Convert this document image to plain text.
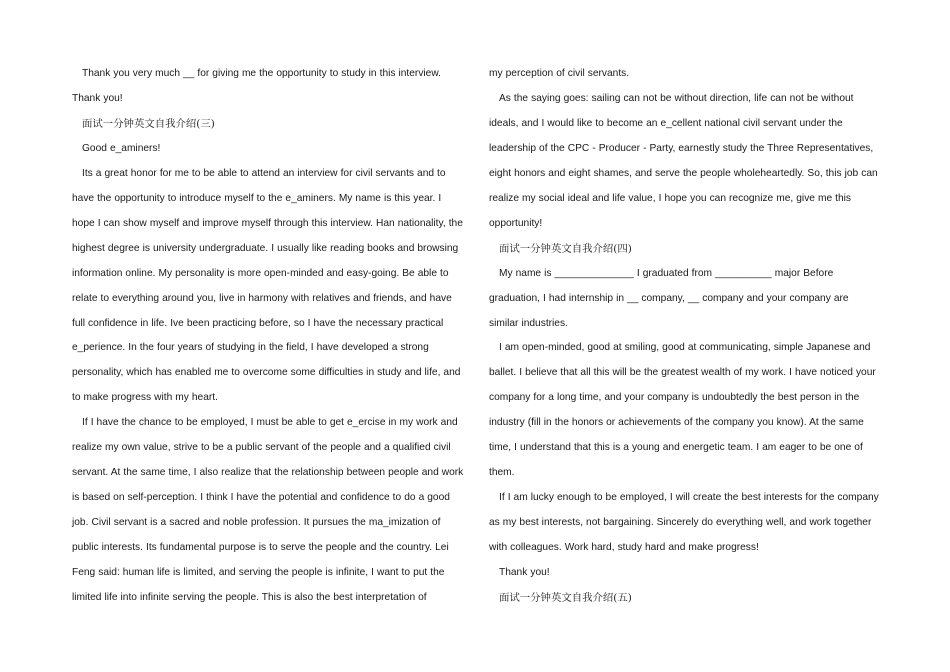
Thank you very much __ for giving me the opportunity to study in this interview.

Thank you!

面试一分钟英文自我介绍(三)

Good e_aminers!

Its a great honor for me to be able to attend an interview for civil servants and to have the opportunity to introduce myself to the e_aminers. My name is this year. I hope I can show myself and improve myself through this interview. Han nationality, the highest degree is university undergraduate. I usually like reading books and browsing information online. My personality is more open-minded and easy-going. Be able to relate to everything around you, live in harmony with relatives and friends, and have full confidence in life. Ive been practicing before, so I have the necessary practical e_perience. In the four years of studying in the field, I have developed a strong personality, which has enabled me to overcome some difficulties in study and life, and to make progress with my heart.

If I have the chance to be employed, I must be able to get e_ercise in my work and realize my own value, strive to be a public servant of the people and a qualified civil servant. At the same time, I also realize that the relationship between people and work is based on self-perception. I think I have the potential and confidence to do a good job. Civil servant is a sacred and noble profession. It pursues the ma_imization of public interests. Its fundamental purpose is to serve the people and the country. Lei Feng said: human life is limited, and serving the people is infinite, I want to put the limited life into infinite serving the people. This is also the best interpretation of

my perception of civil servants.

As the saying goes: sailing can not be without direction, life can not be without ideals, and I would like to become an e_cellent national civil servant under the leadership of the CPC - Producer - Party, earnestly study the Three Representatives, eight honors and eight shames, and serve the people wholeheartedly. So, this job can realize my social ideal and life value, I hope you can recognize me, give me this opportunity!

面试一分钟英文自我介绍(四)

My name is ______________ I graduated from __________ major Before graduation, I had internship in __ company, __ company and your company are similar industries.

I am open-minded, good at smiling, good at communicating, simple Japanese and ballet. I believe that all this will be the greatest wealth of my work. I have noticed your company for a long time, and your company is undoubtedly the best person in the industry (fill in the honors or achievements of the company you know). At the same time, I understand that this is a young and energetic team. I am eager to be one of them.

If I am lucky enough to be employed, I will create the best interests for the company as my best interests, not bargaining. Sincerely do everything well, and work together with colleagues. Work hard, study hard and make progress!

Thank you!

面试一分钟英文自我介绍(五)
